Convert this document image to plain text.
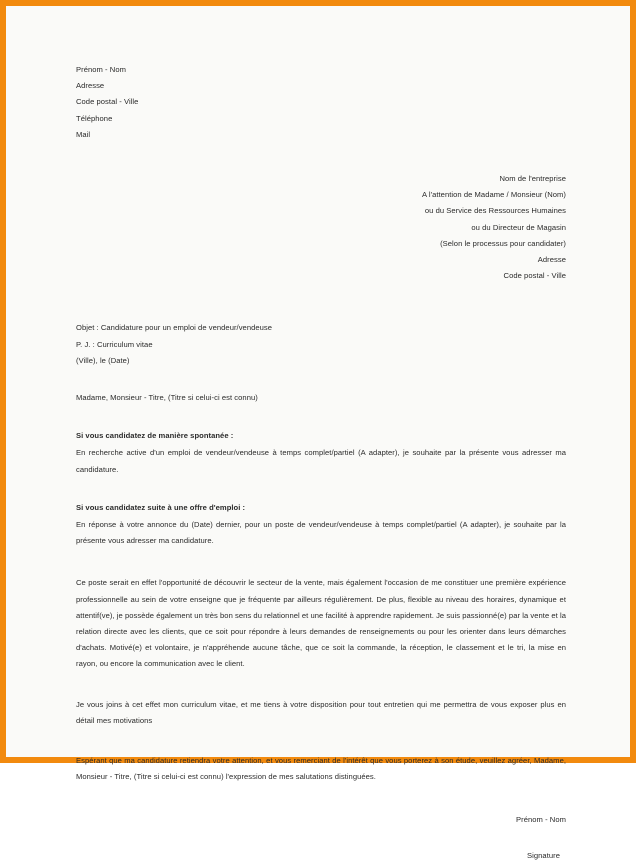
Prénom - Nom
Adresse
Code postal - Ville
Téléphone
Mail
Nom de l'entreprise
A l'attention de Madame / Monsieur (Nom)
ou du Service des Ressources Humaines
ou du Directeur de Magasin
(Selon le processus pour candidater)
Adresse
Code postal - Ville
Objet : Candidature pour un emploi de vendeur/vendeuse
P. J. : Curriculum vitae
(Ville), le (Date)
Madame, Monsieur - Titre, (Titre si celui-ci est connu)
Si vous candidatez de manière spontanée :
En recherche active d'un emploi de vendeur/vendeuse à temps complet/partiel (A adapter), je souhaite par la présente vous adresser ma candidature.
Si vous candidatez suite à une offre d'emploi :
En réponse à votre annonce du (Date) dernier, pour un poste de vendeur/vendeuse à temps complet/partiel (A adapter), je souhaite par la présente vous adresser ma candidature.
Ce poste serait en effet l'opportunité de découvrir le secteur de la vente, mais également l'occasion de me constituer une première expérience professionnelle au sein de votre enseigne que je fréquente par ailleurs régulièrement. De plus, flexible au niveau des horaires, dynamique et attentif(ve), je possède également un très bon sens du relationnel et une facilité à apprendre rapidement. Je suis passionné(e) par la vente et la relation directe avec les clients, que ce soit pour répondre à leurs demandes de renseignements ou pour les orienter dans leurs démarches d'achats. Motivé(e) et volontaire, je n'appréhende aucune tâche, que ce soit la commande, la réception, le classement et le tri, la mise en rayon, ou encore la communication avec le client.
Je vous joins à cet effet mon curriculum vitae, et me tiens à votre disposition pour tout entretien qui me permettra de vous exposer plus en détail mes motivations
Espérant que ma candidature retiendra votre attention, et vous remerciant de l'intérêt que vous porterez à son étude, veuillez agréer, Madame, Monsieur - Titre, (Titre si celui-ci est connu) l'expression de mes salutations distinguées.
Prénom - Nom
Signature
